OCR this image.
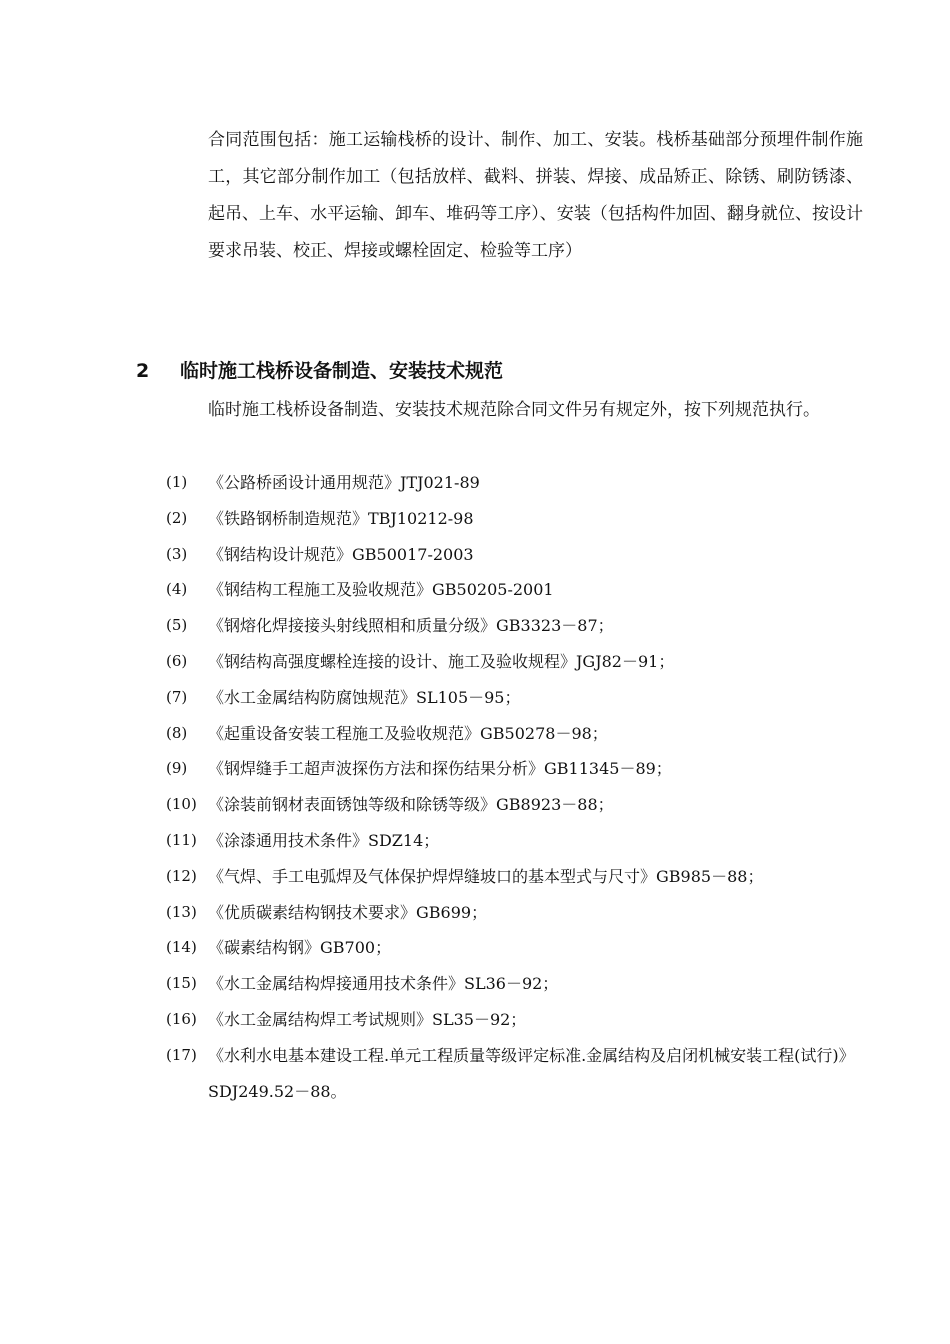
合同范围包括：施工运输栈桥的设计、制作、加工、安装。栈桥基础部分预埋件制作施工，其它部分制作加工（包括放样、截料、拼装、焊接、成品矫正、除锈、刷防锈漆、起吊、上车、水平运输、卸车、堆码等工序）、安装（包括构件加固、翻身就位、按设计要求吊装、校正、焊接或螺栓固定、检验等工序）

2 临时施工栈桥设备制造、安装技术规范

临时施工栈桥设备制造、安装技术规范除合同文件另有规定外，按下列规范执行。

(1)	《公路桥函设计通用规范》JTJ021-89
(2)	《铁路钢桥制造规范》TBJ10212-98
(3)	《钢结构设计规范》GB50017-2003
(4)	《钢结构工程施工及验收规范》GB50205-2001
(5)	《钢熔化焊接接头射线照相和质量分级》GB3323－87；
(6)	《钢结构高强度螺栓连接的设计、施工及验收规程》JGJ82－91；
(7)	《水工金属结构防腐蚀规范》SL105－95；
(8)	《起重设备安装工程施工及验收规范》GB50278－98；
(9)	《钢焊缝手工超声波探伤方法和探伤结果分析》GB11345－89；
(10) 《涂装前钢材表面锈蚀等级和除锈等级》GB8923－88；
(11) 《涂漆通用技术条件》SDZ14；
(12) 《气焊、手工电弧焊及气体保护焊焊缝坡口的基本型式与尺寸》GB985－88；
(13) 《优质碳素结构钢技术要求》GB699；
(14) 《碳素结构钢》GB700；
(15) 《水工金属结构焊接通用技术条件》SL36－92；
(16) 《水工金属结构焊工考试规则》SL35－92；
(17) 《水利水电基本建设工程.单元工程质量等级评定标准.金属结构及启闭机械安装工程(试行)》SDJ249.52－88。
